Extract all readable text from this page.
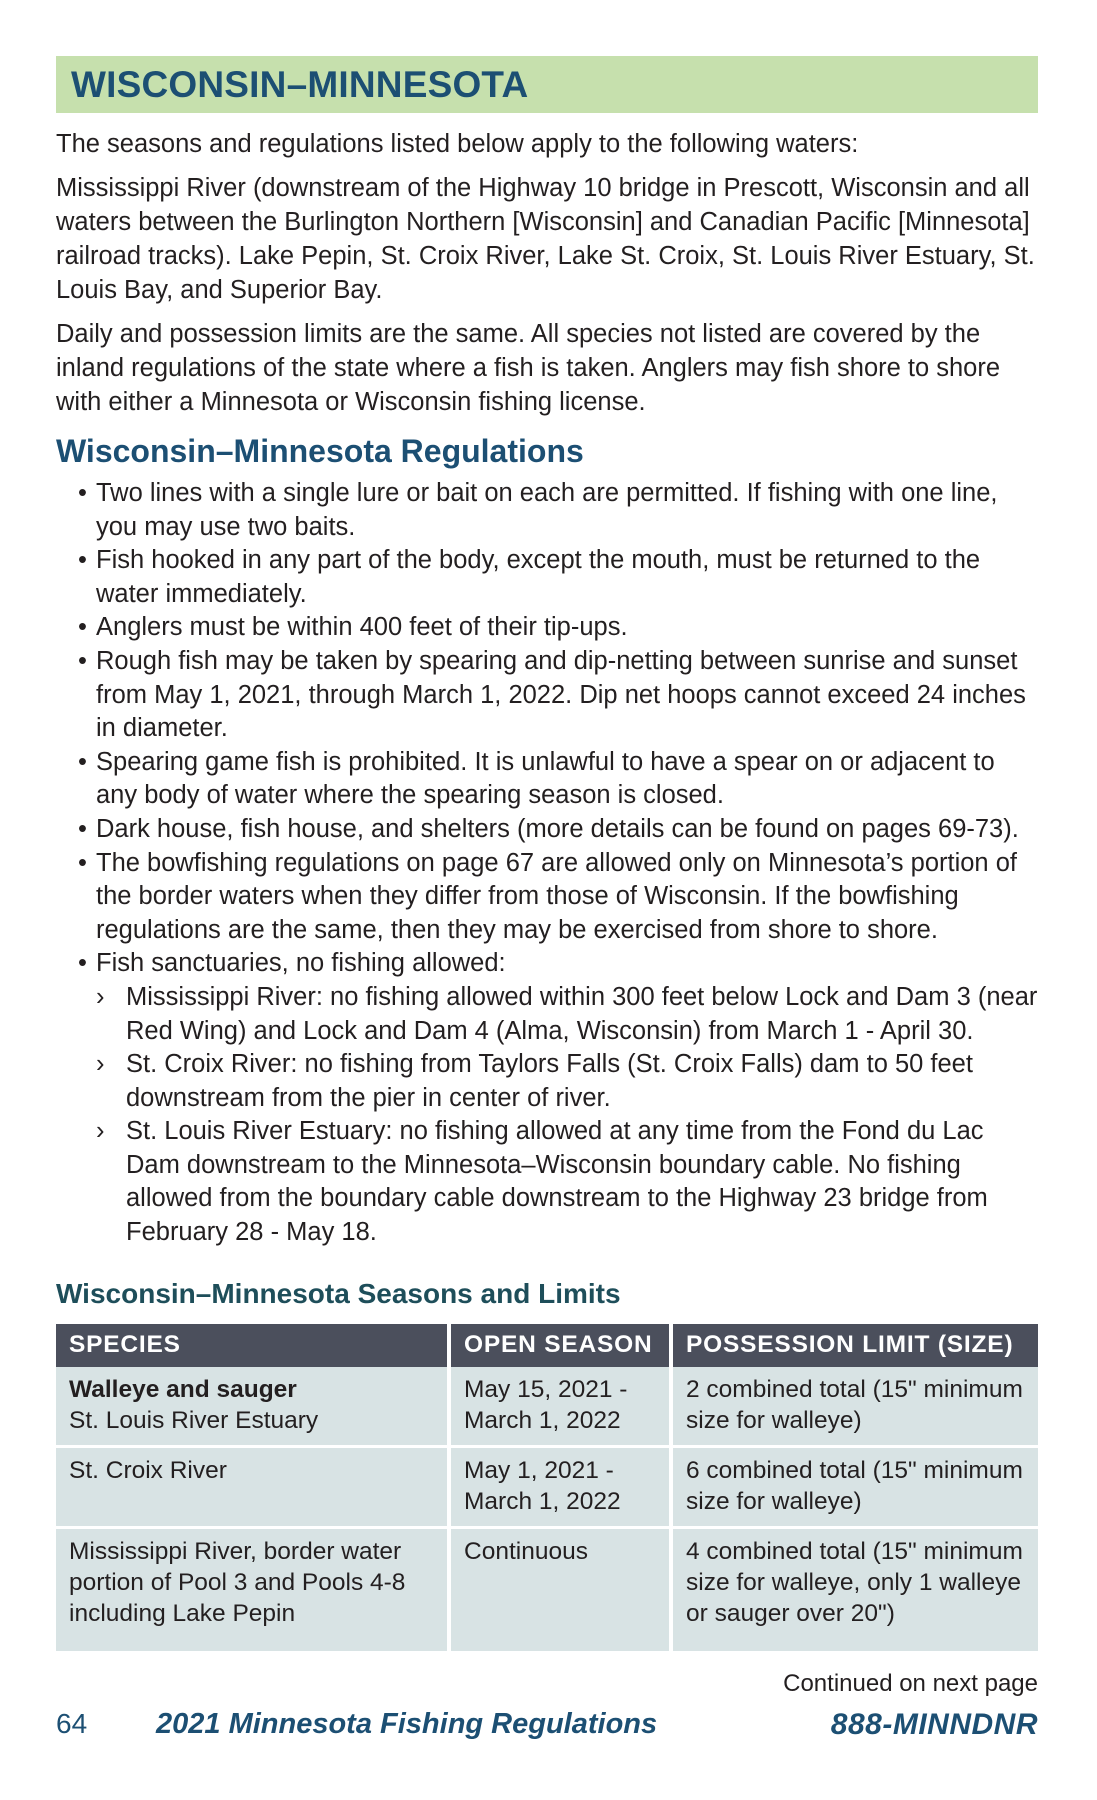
WISCONSIN–MINNESOTA

The seasons and regulations listed below apply to the following waters:

Mississippi River (downstream of the Highway 10 bridge in Prescott, Wisconsin and all waters between the Burlington Northern [Wisconsin] and Canadian Pacific [Minnesota] railroad tracks). Lake Pepin, St. Croix River, Lake St. Croix, St. Louis River Estuary, St. Louis Bay, and Superior Bay.

Daily and possession limits are the same. All species not listed are covered by the inland regulations of the state where a fish is taken. Anglers may fish shore to shore with either a Minnesota or Wisconsin fishing license.

Wisconsin–Minnesota Regulations
• Two lines with a single lure or bait on each are permitted. If fishing with one line, you may use two baits.
• Fish hooked in any part of the body, except the mouth, must be returned to the water immediately.
• Anglers must be within 400 feet of their tip-ups.
• Rough fish may be taken by spearing and dip-netting between sunrise and sunset from May 1, 2021, through March 1, 2022. Dip net hoops cannot exceed 24 inches in diameter.
• Spearing game fish is prohibited. It is unlawful to have a spear on or adjacent to any body of water where the spearing season is closed.
• Dark house, fish house, and shelters (more details can be found on pages 69-73).
• The bowfishing regulations on page 67 are allowed only on Minnesota’s portion of the border waters when they differ from those of Wisconsin. If the bowfishing regulations are the same, then they may be exercised from shore to shore.
• Fish sanctuaries, no fishing allowed:
› Mississippi River: no fishing allowed within 300 feet below Lock and Dam 3 (near Red Wing) and Lock and Dam 4 (Alma, Wisconsin) from March 1 - April 30.
› St. Croix River: no fishing from Taylors Falls (St. Croix Falls) dam to 50 feet downstream from the pier in center of river.
› St. Louis River Estuary: no fishing allowed at any time from the Fond du Lac Dam downstream to the Minnesota–Wisconsin boundary cable. No fishing allowed from the boundary cable downstream to the Highway 23 bridge from February 28 - May 18.
Wisconsin–Minnesota Seasons and Limits
SPECIES	OPEN SEASON	POSSESSION LIMIT (SIZE)

Walleye and sauger
St. Louis River Estuary	May 15, 2021 - March 1, 2022	2 combined total (15" minimum size for walleye)
St. Croix River	May 1, 2021 - March 1, 2022	6 combined total (15" minimum size for walleye)
Mississippi River, border water portion of Pool 3 and Pools 4-8 including Lake Pepin	Continuous	4 combined total (15" minimum size for walleye, only 1 walleye or sauger over 20")
Continued on next page
64 2021 Minnesota Fishing Regulations	888-MINNDNR
